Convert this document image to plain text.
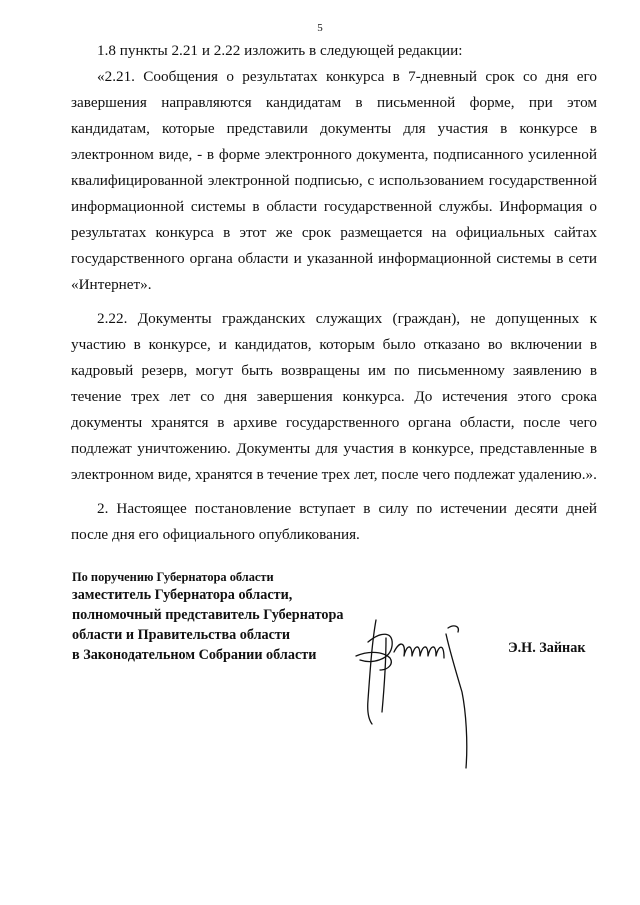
5

1.8 пункты 2.21 и 2.22 изложить в следующей редакции:

«2.21. Сообщения о результатах конкурса в 7-дневный срок со дня его завершения направляются кандидатам в письменной форме, при этом кандидатам, которые представили документы для участия в конкурсе в электронном виде, - в форме электронного документа, подписанного усиленной квалифицированной электронной подписью, с использованием государственной информационной системы в области государственной службы. Информация о результатах конкурса в этот же срок размещается на официальных сайтах государственного органа области и указанной информационной системы в сети «Интернет».

2.22. Документы гражданских служащих (граждан), не допущенных к участию в конкурсе, и кандидатов, которым было отказано во включении в кадровый резерв, могут быть возвращены им по письменному заявлению в течение трех лет со дня завершения конкурса. До истечения этого срока документы хранятся в архиве государственного органа области, после чего подлежат уничтожению. Документы для участия в конкурсе, представленные в электронном виде, хранятся в течение трех лет, после чего подлежат удалению.».

2. Настоящее постановление вступает в силу по истечении десяти дней после дня его официального опубликования.

По поручению Губернатора области
заместитель Губернатора области,
полномочный представитель Губернатора
области и Правительства области
в Законодательном Собрании области	Э.Н. Зайнак
